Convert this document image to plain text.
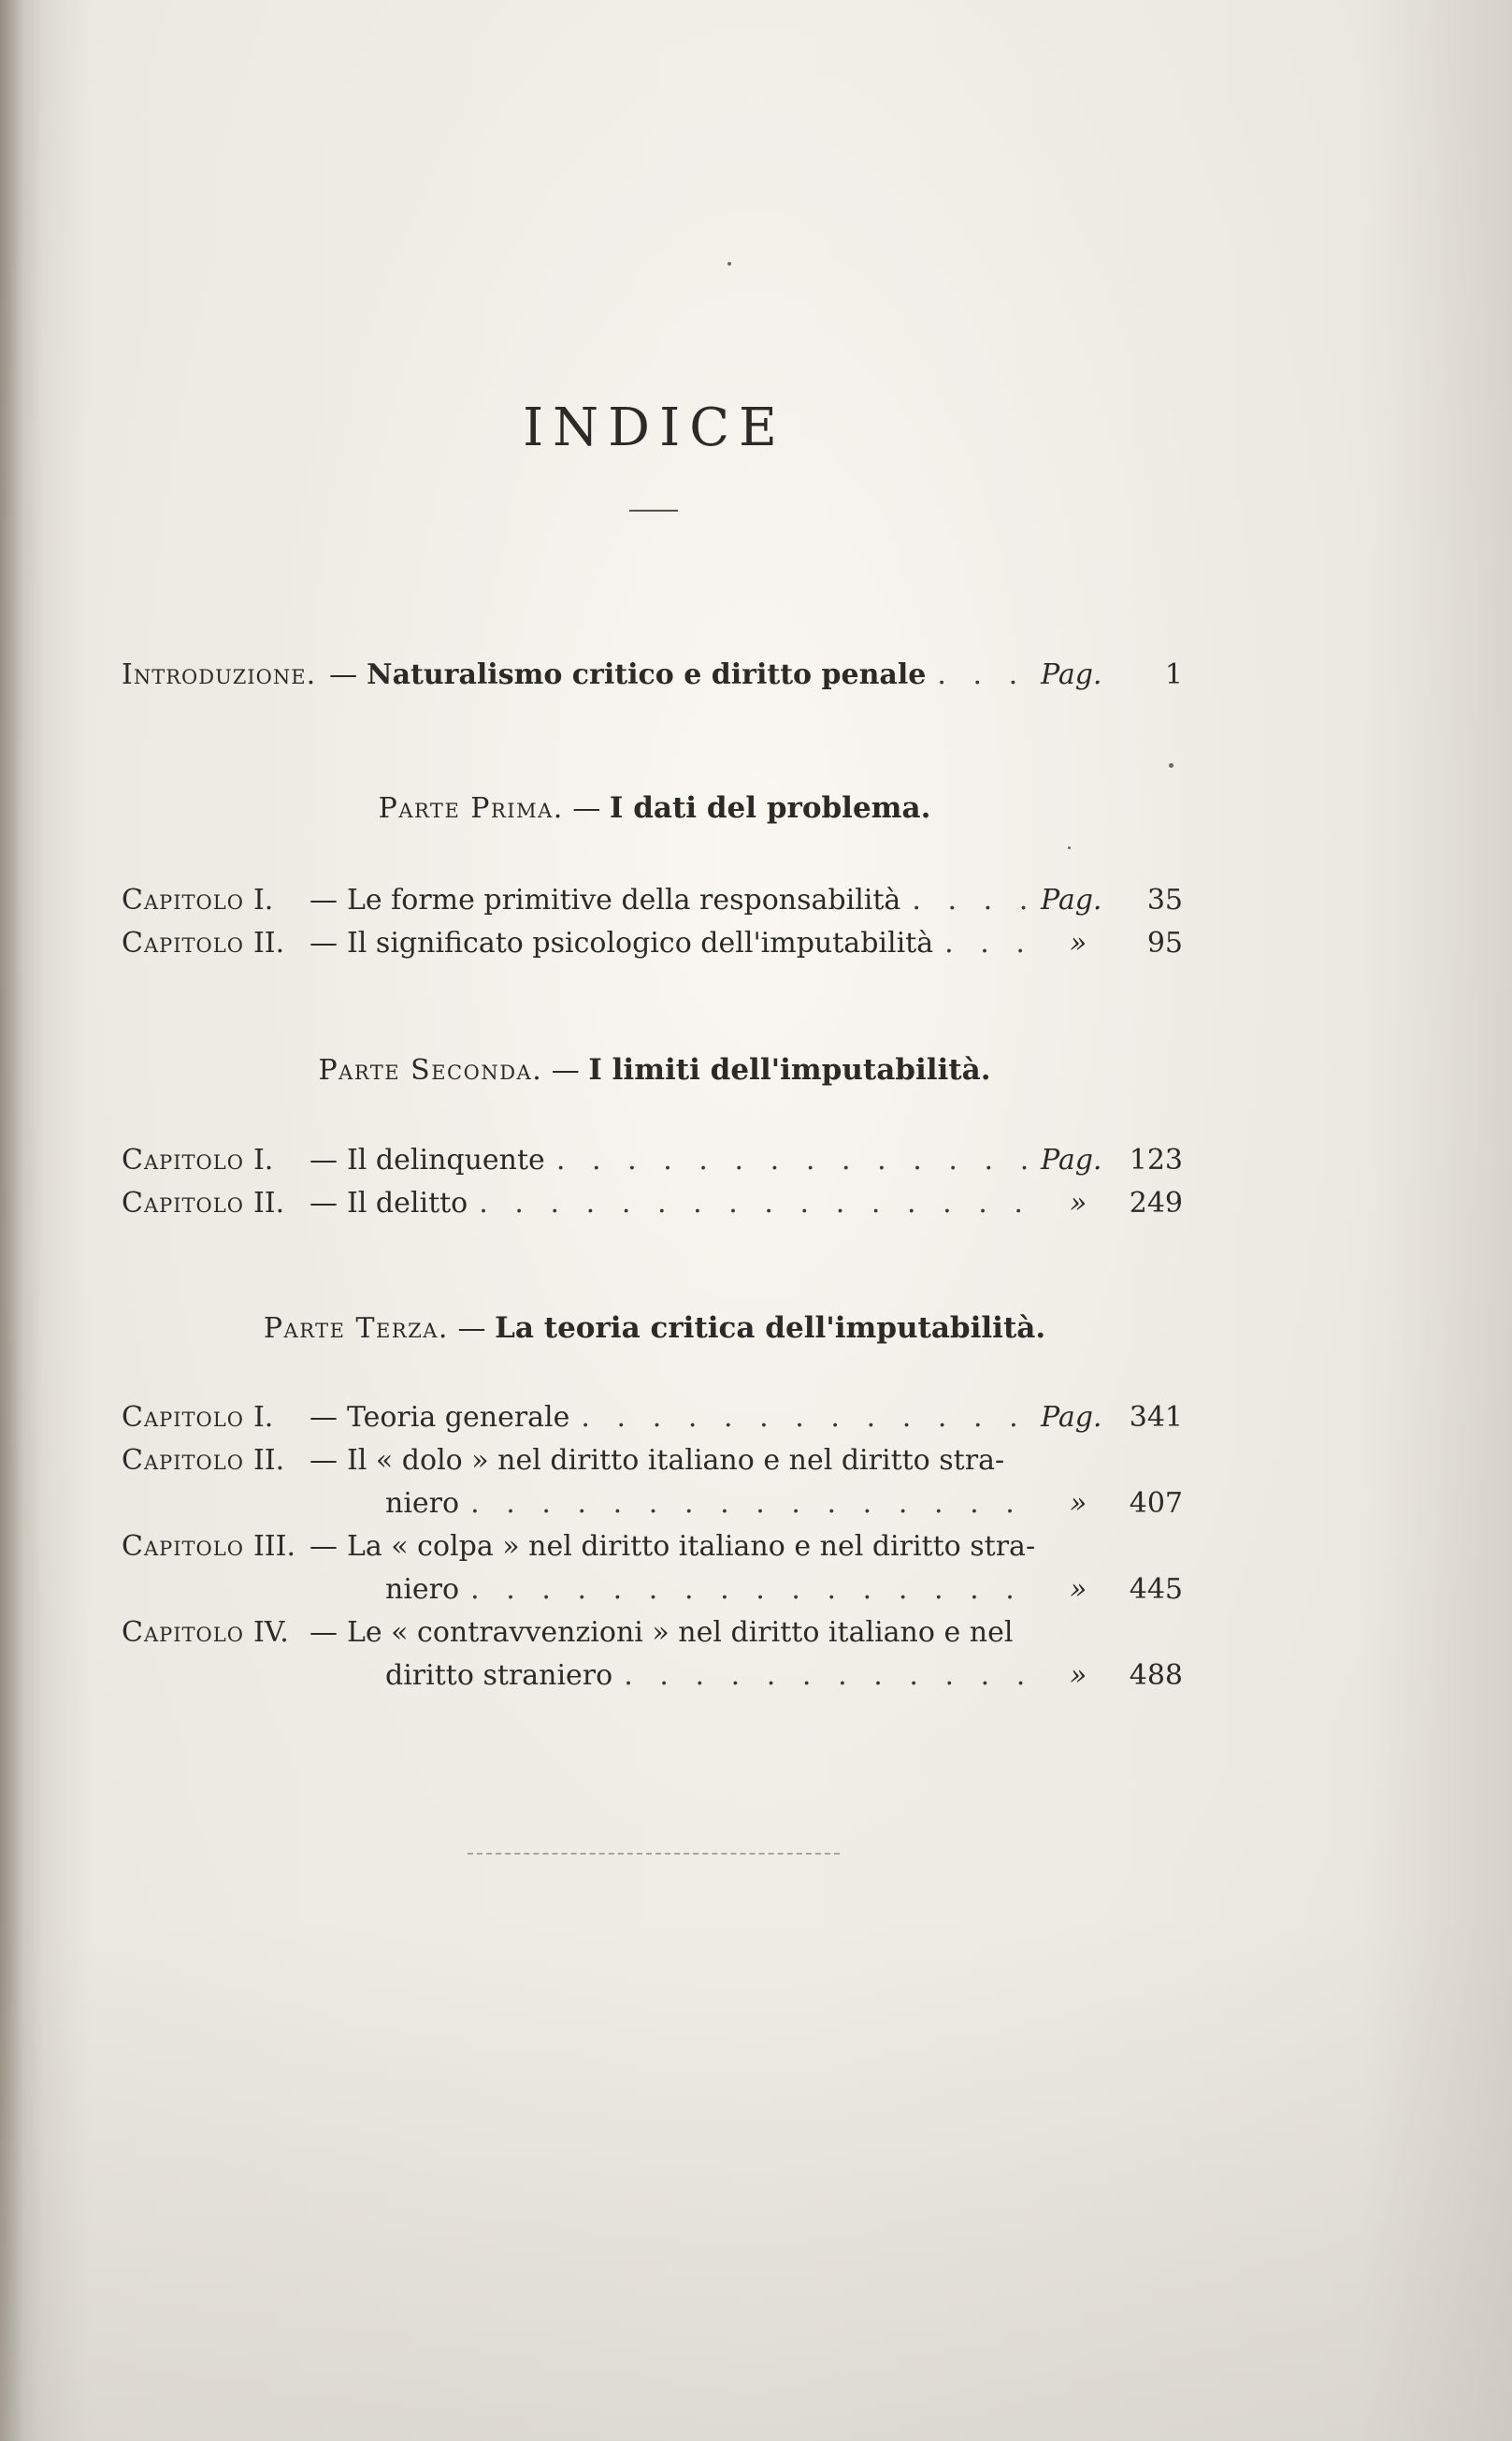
INDICE
Introduzione. — Naturalismo critico e diritto penale . .	Pag.	1
Parte Prima. — I dati del problema.
Capitolo I.	— Le forme primitive della responsabilità . .	Pag.	35
Capitolo II. — Il significato psicologico dell'imputabilità . .	»	95
Parte Seconda. — I limiti dell'imputabilità.
Capitolo I.	— Il delinquente . .	Pag. 123
Capitolo II. — Il delitto . .	»	249
Parte Terza. — La teoria critica dell'imputabilità.
Capitolo I.	— Teoria generale . .	Pag. 341
Capitolo II. — Il « dolo » nel diritto italiano e nel diritto stra-
niero . .	»	407
Capitolo III. — La « colpa » nel diritto italiano e nel diritto stra-
niero . .	»	445
Capitolo IV. — Le « contravvenzioni » nel diritto italiano e nel
diritto straniero . .	»	488
